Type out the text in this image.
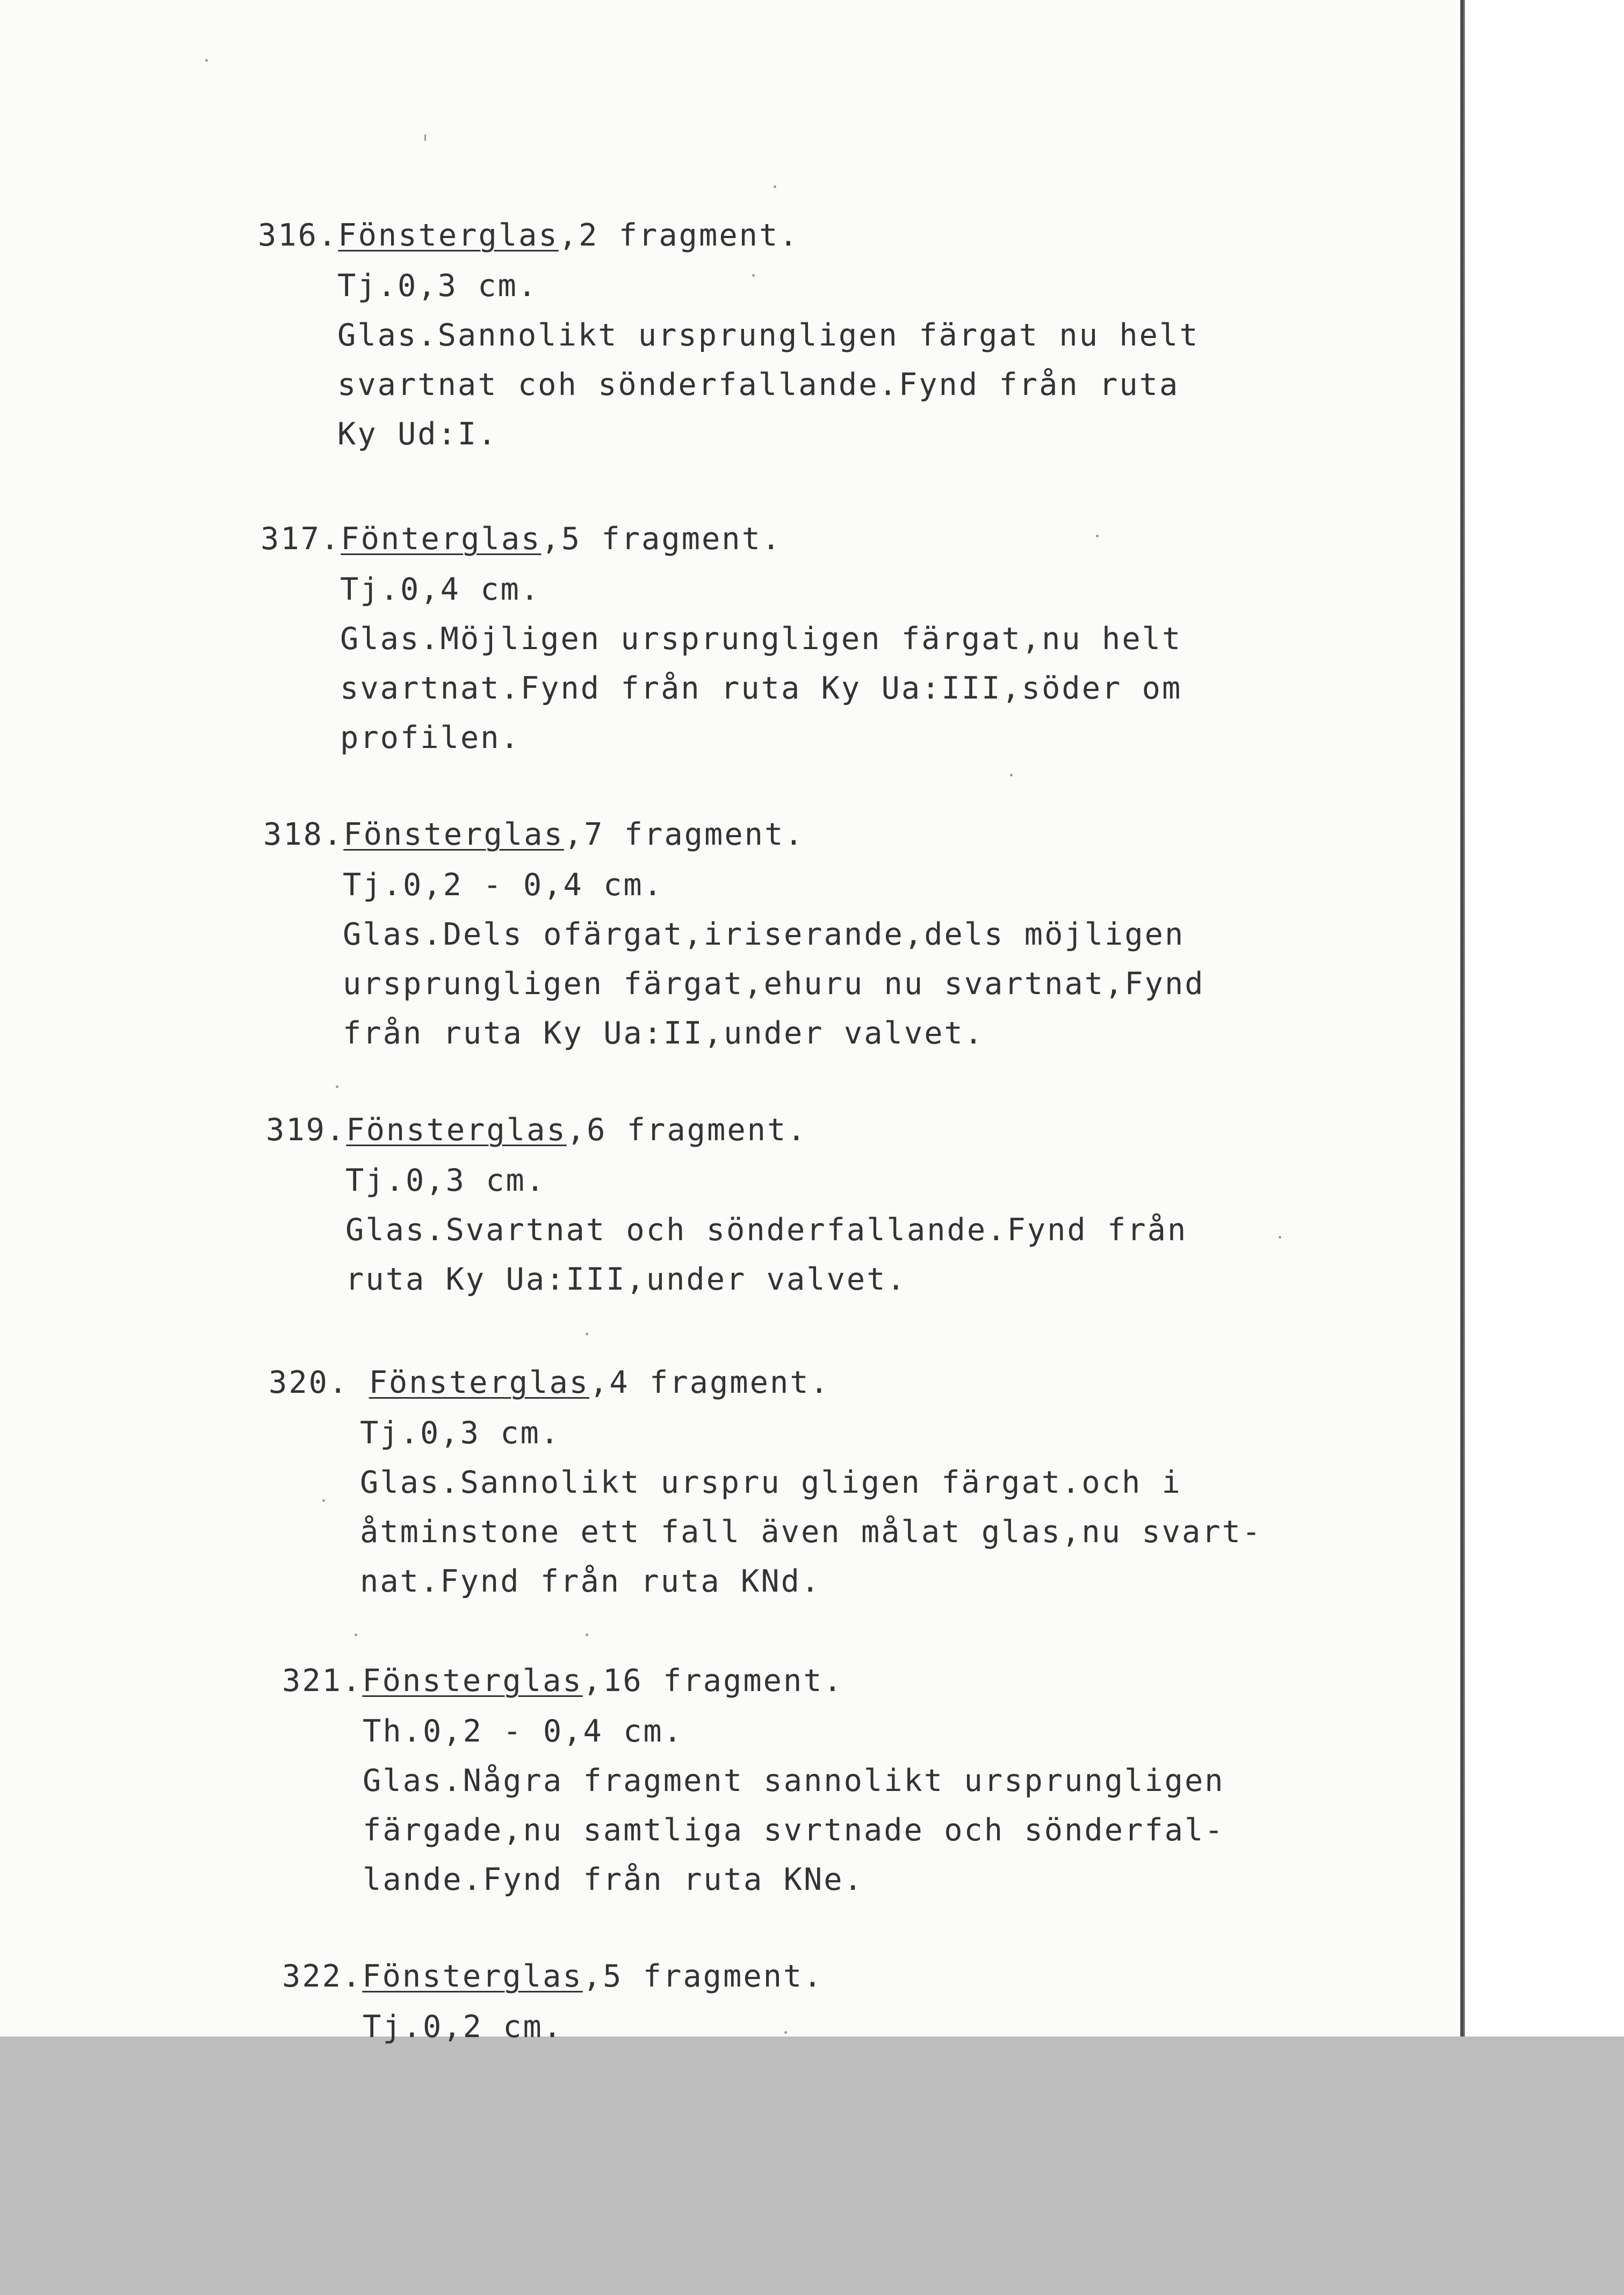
316.Fönsterglas,2 fragment.
Tj.0,3 cm.
Glas.Sannolikt ursprungligen färgat nu helt
svartnat coh sönderfallande.Fynd från ruta
Ky Ud:I.
317.Fönterglas,5 fragment.
Tj.0,4 cm.
Glas.Möjligen ursprungligen färgat,nu helt
svartnat.Fynd från ruta Ky Ua:III,söder om
profilen.
318.Fönsterglas,7 fragment.
Tj.0,2 - 0,4 cm.
Glas.Dels ofärgat,iriserande,dels möjligen
ursprungligen färgat,ehuru nu svartnat,Fynd
från ruta Ky Ua:II,under valvet.
319.Fönsterglas,6 fragment.
Tj.0,3 cm.
Glas.Svartnat och sönderfallande.Fynd från
ruta Ky Ua:III,under valvet.
320. Fönsterglas,4 fragment.
Tj.0,3 cm.
Glas.Sannolikt urspru gligen färgat.och i
åtminstone ett fall även målat glas,nu svart-
nat.Fynd från ruta KNd.
321.Fönsterglas,16 fragment.
Th.0,2 - 0,4 cm.
Glas.Några fragment sannolikt ursprungligen
färgade,nu samtliga svrtnade och sönderfal-
lande.Fynd från ruta KNe.
322.Fönsterglas,5 fragment.
Tj.0,2 cm.
